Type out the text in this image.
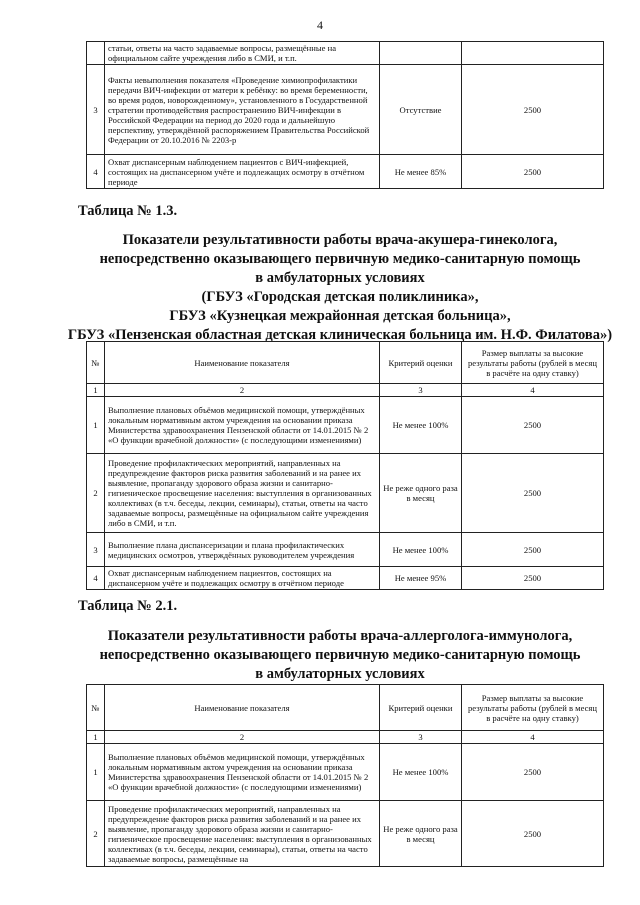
4
	статьи, ответы на часто задаваемые вопросы, размещённые на официальном сайте учреждения либо в СМИ, и т.п.		
3	Факты невыполнения показателя «Проведение химиопрофилактики передачи ВИЧ-инфекции от матери к ребёнку: во время беременности, во время родов, новорожденному», установленного в Государственной стратегии противодействия распространению ВИЧ-инфекции в Российской Федерации на период до 2020 года и дальнейшую перспективу, утверждённой распоряжением Правительства Российской Федерации от 20.10.2016 № 2203-р	Отсутствие	2500
4	Охват диспансерным наблюдением пациентов с ВИЧ-инфекцией, состоящих на диспансерном учёте и подлежащих осмотру в отчётном периоде	Не менее 85%	2500
Таблица № 1.3.
Показатели результативности работы врача-акушера-гинеколога,
непосредственно оказывающего первичную медико-санитарную помощь
в амбулаторных условиях
(ГБУЗ «Городская детская поликлиника»,
ГБУЗ «Кузнецкая межрайонная детская больница»,
ГБУЗ «Пензенская областная детская клиническая больница им. Н.Ф. Филатова»)
№	Наименование показателя	Критерий оценки	Размер выплаты за высокие результаты работы (рублей в месяц в расчёте на одну ставку)
1	2	3	4
1	Выполнение плановых объёмов медицинской помощи, утверждённых локальным нормативным актом учреждения на основании приказа Министерства здравоохранения Пензенской области от 14.01.2015 № 2 «О функции врачебной должности» (с последующими изменениями)	Не менее 100%	2500
2	Проведение профилактических мероприятий, направленных на предупреждение факторов риска развития заболеваний и на ранее их выявление, пропаганду здорового образа жизни и санитарно-гигиеническое просвещение населения: выступления в организованных коллективах (в т.ч. беседы, лекции, семинары), статьи, ответы на часто задаваемые вопросы, размещённые на официальном сайте учреждения либо в СМИ, и т.п.	Не реже одного раза в месяц	2500
3	Выполнение плана диспансеризации и плана профилактических медицинских осмотров, утверждённых руководителем учреждения	Не менее 100%	2500
4	Охват диспансерным наблюдением пациентов, состоящих на диспансерном учёте и подлежащих осмотру в отчётном периоде	Не менее 95%	2500
Таблица № 2.1.
Показатели результативности работы врача-аллерголога-иммунолога,
непосредственно оказывающего первичную медико-санитарную помощь
в амбулаторных условиях
№	Наименование показателя	Критерий оценки	Размер выплаты за высокие результаты работы (рублей в месяц в расчёте на одну ставку)
1	2	3	4
1	Выполнение плановых объёмов медицинской помощи, утверждённых локальным нормативным актом учреждения на основании приказа Министерства здравоохранения Пензенской области от 14.01.2015 № 2 «О функции врачебной должности» (с последующими изменениями)	Не менее 100%	2500
2	Проведение профилактических мероприятий, направленных на предупреждение факторов риска развития заболеваний и на ранее их выявление, пропаганду здорового образа жизни и санитарно-гигиеническое просвещение населения: выступления в организованных коллективах (в т.ч. беседы, лекции, семинары), статьи, ответы на часто задаваемые вопросы, размещённые на	Не реже одного раза в месяц	2500
